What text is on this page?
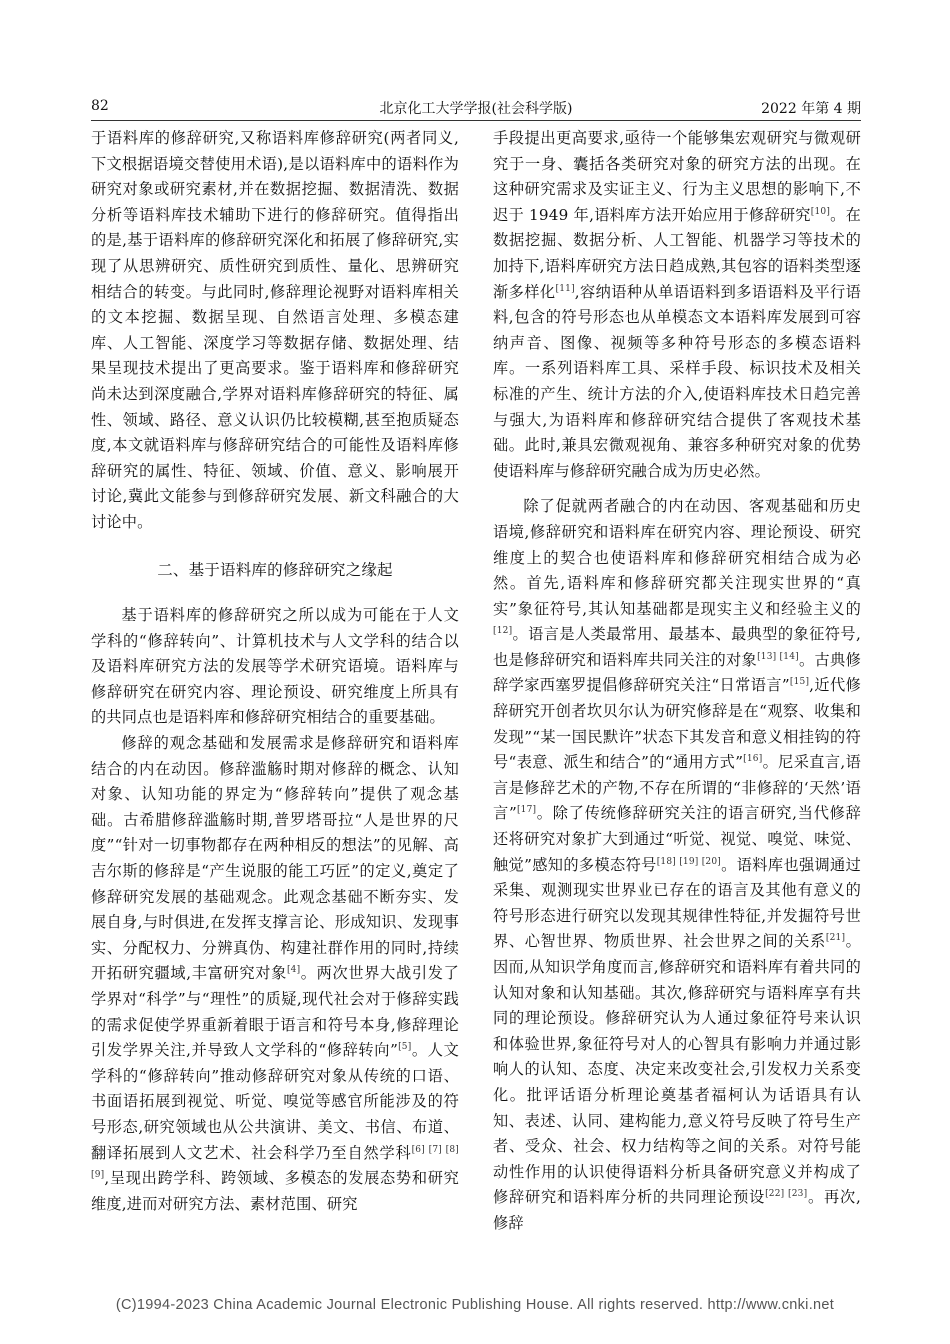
82	北京化工大学学报(社会科学版)	2022 年第 4 期

于语料库的修辞研究,又称语料库修辞研究(两者同义,下文根据语境交替使用术语),是以语料库中的语料作为研究对象或研究素材,并在数据挖掘、数据清洗、数据分析等语料库技术辅助下进行的修辞研究。值得指出的是,基于语料库的修辞研究深化和拓展了修辞研究,实现了从思辨研究、质性研究到质性、量化、思辨研究相结合的转变。与此同时,修辞理论视野对语料库相关的文本挖掘、数据呈现、自然语言处理、多模态建库、人工智能、深度学习等数据存储、数据处理、结果呈现技术提出了更高要求。鉴于语料库和修辞研究尚未达到深度融合,学界对语料库修辞研究的特征、属性、领域、路径、意义认识仍比较模糊,甚至抱质疑态度,本文就语料库与修辞研究结合的可能性及语料库修辞研究的属性、特征、领域、价值、意义、影响展开讨论,冀此文能参与到修辞研究发展、新文科融合的大讨论中。

二、基于语料库的修辞研究之缘起

基于语料库的修辞研究之所以成为可能在于人文学科的“修辞转向”、计算机技术与人文学科的结合以及语料库研究方法的发展等学术研究语境。语料库与修辞研究在研究内容、理论预设、研究维度上所具有的共同点也是语料库和修辞研究相结合的重要基础。

修辞的观念基础和发展需求是修辞研究和语料库结合的内在动因。修辞滥觞时期对修辞的概念、认知对象、认知功能的界定为“修辞转向”提供了观念基础。古希腊修辞滥觞时期,普罗塔哥拉“人是世界的尺度”“针对一切事物都存在两种相反的想法”的见解、高吉尔斯的修辞是“产生说服的能工巧匠”的定义,奠定了修辞研究发展的基础观念。此观念基础不断夯实、发展自身,与时俱进,在发挥支撑言论、形成知识、发现事实、分配权力、分辨真伪、构建社群作用的同时,持续开拓研究疆域,丰富研究对象[4]。两次世界大战引发了学界对“科学”与“理性”的质疑,现代社会对于修辞实践的需求促使学界重新着眼于语言和符号本身,修辞理论引发学界关注,并导致人文学科的“修辞转向”[5]。人文学科的“修辞转向”推动修辞研究对象从传统的口语、书面语拓展到视觉、听觉、嗅觉等感官所能涉及的符号形态,研究领域也从公共演讲、美文、书信、布道、翻译拓展到人文艺术、社会科学乃至自然学科[6] [7] [8] [9],呈现出跨学科、跨领域、多模态的发展态势和研究维度,进而对研究方法、素材范围、研究

手段提出更高要求,亟待一个能够集宏观研究与微观研究于一身、囊括各类研究对象的研究方法的出现。在这种研究需求及实证主义、行为主义思想的影响下,不迟于 1949 年,语料库方法开始应用于修辞研究[10]。在数据挖掘、数据分析、人工智能、机器学习等技术的加持下,语料库研究方法日趋成熟,其包容的语料类型逐渐多样化[11],容纳语种从单语语料到多语语料及平行语料,包含的符号形态也从单模态文本语料库发展到可容纳声音、图像、视频等多种符号形态的多模态语料库。一系列语料库工具、采样手段、标识技术及相关标准的产生、统计方法的介入,使语料库技术日趋完善与强大,为语料库和修辞研究结合提供了客观技术基础。此时,兼具宏微观视角、兼容多种研究对象的优势使语料库与修辞研究融合成为历史必然。

除了促就两者融合的内在动因、客观基础和历史语境,修辞研究和语料库在研究内容、理论预设、研究维度上的契合也使语料库和修辞研究相结合成为必然。首先,语料库和修辞研究都关注现实世界的“真实”象征符号,其认知基础都是现实主义和经验主义的[12]。语言是人类最常用、最基本、最典型的象征符号,也是修辞研究和语料库共同关注的对象[13] [14]。古典修辞学家西塞罗提倡修辞研究关注“日常语言”[15],近代修辞研究开创者坎贝尔认为研究修辞是在“观察、收集和发现”“某一国民默许”状态下其发音和意义相挂钩的符号“表意、派生和结合”的“通用方式”[16]。尼采直言,语言是修辞艺术的产物,不存在所谓的“非修辞的‘天然’语言”[17]。除了传统修辞研究关注的语言研究,当代修辞还将研究对象扩大到通过“听觉、视觉、嗅觉、味觉、触觉”感知的多模态符号[18] [19] [20]。语料库也强调通过采集、观测现实世界业已存在的语言及其他有意义的符号形态进行研究以发现其规律性特征,并发掘符号世界、心智世界、物质世界、社会世界之间的关系[21]。因而,从知识学角度而言,修辞研究和语料库有着共同的认知对象和认知基础。其次,修辞研究与语料库享有共同的理论预设。修辞研究认为人通过象征符号来认识和体验世界,象征符号对人的心智具有影响力并通过影响人的认知、态度、决定来改变社会,引发权力关系变化。批评话语分析理论奠基者福柯认为话语具有认知、表述、认同、建构能力,意义符号反映了符号生产者、受众、社会、权力结构等之间的关系。对符号能动性作用的认识使得语料分析具备研究意义并构成了修辞研究和语料库分析的共同理论预设[22] [23]。再次,修辞

(C)1994-2023 China Academic Journal Electronic Publishing House. All rights reserved. http://www.cnki.net
